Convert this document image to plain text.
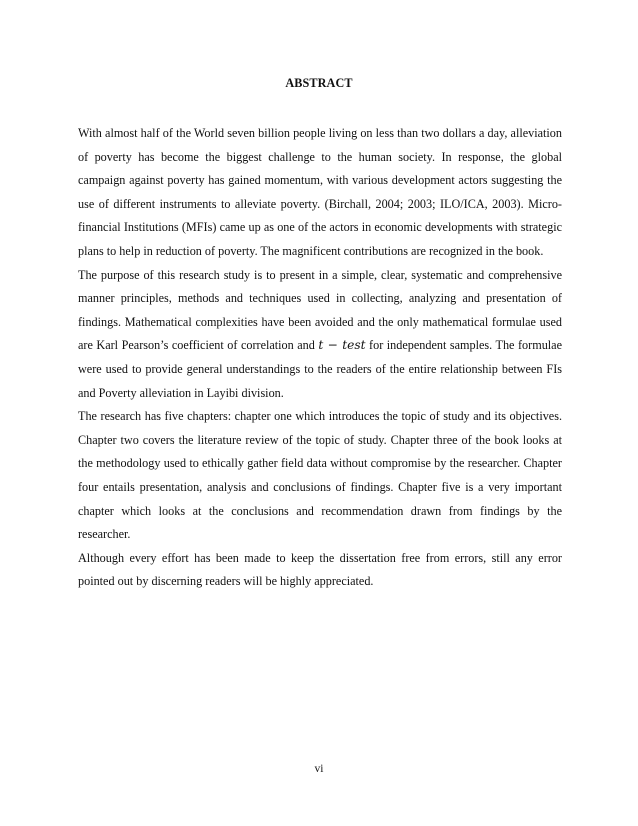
ABSTRACT

With almost half of the World seven billion people living on less than two dollars a day, alleviation of poverty has become the biggest challenge to the human society. In response, the global campaign against poverty has gained momentum, with various development actors suggesting the use of different instruments to alleviate poverty. (Birchall, 2004; 2003; ILO/ICA, 2003). Micro-financial Institutions (MFIs) came up as one of the actors in economic developments with strategic plans to help in reduction of poverty. The magnificent contributions are recognized in the book.

The purpose of this research study is to present in a simple, clear, systematic and comprehensive manner principles, methods and techniques used in collecting, analyzing and presentation of findings. Mathematical complexities have been avoided and the only mathematical formulae used are Karl Pearson’s coefficient of correlation and t − test for independent samples. The formulae were used to provide general understandings to the readers of the entire relationship between FIs and Poverty alleviation in Layibi division.

The research has five chapters: chapter one which introduces the topic of study and its objectives. Chapter two covers the literature review of the topic of study. Chapter three of the book looks at the methodology used to ethically gather field data without compromise by the researcher. Chapter four entails presentation, analysis and conclusions of findings. Chapter five is a very important chapter which looks at the conclusions and recommendation drawn from findings by the researcher.

Although every effort has been made to keep the dissertation free from errors, still any error pointed out by discerning readers will be highly appreciated.

vi
